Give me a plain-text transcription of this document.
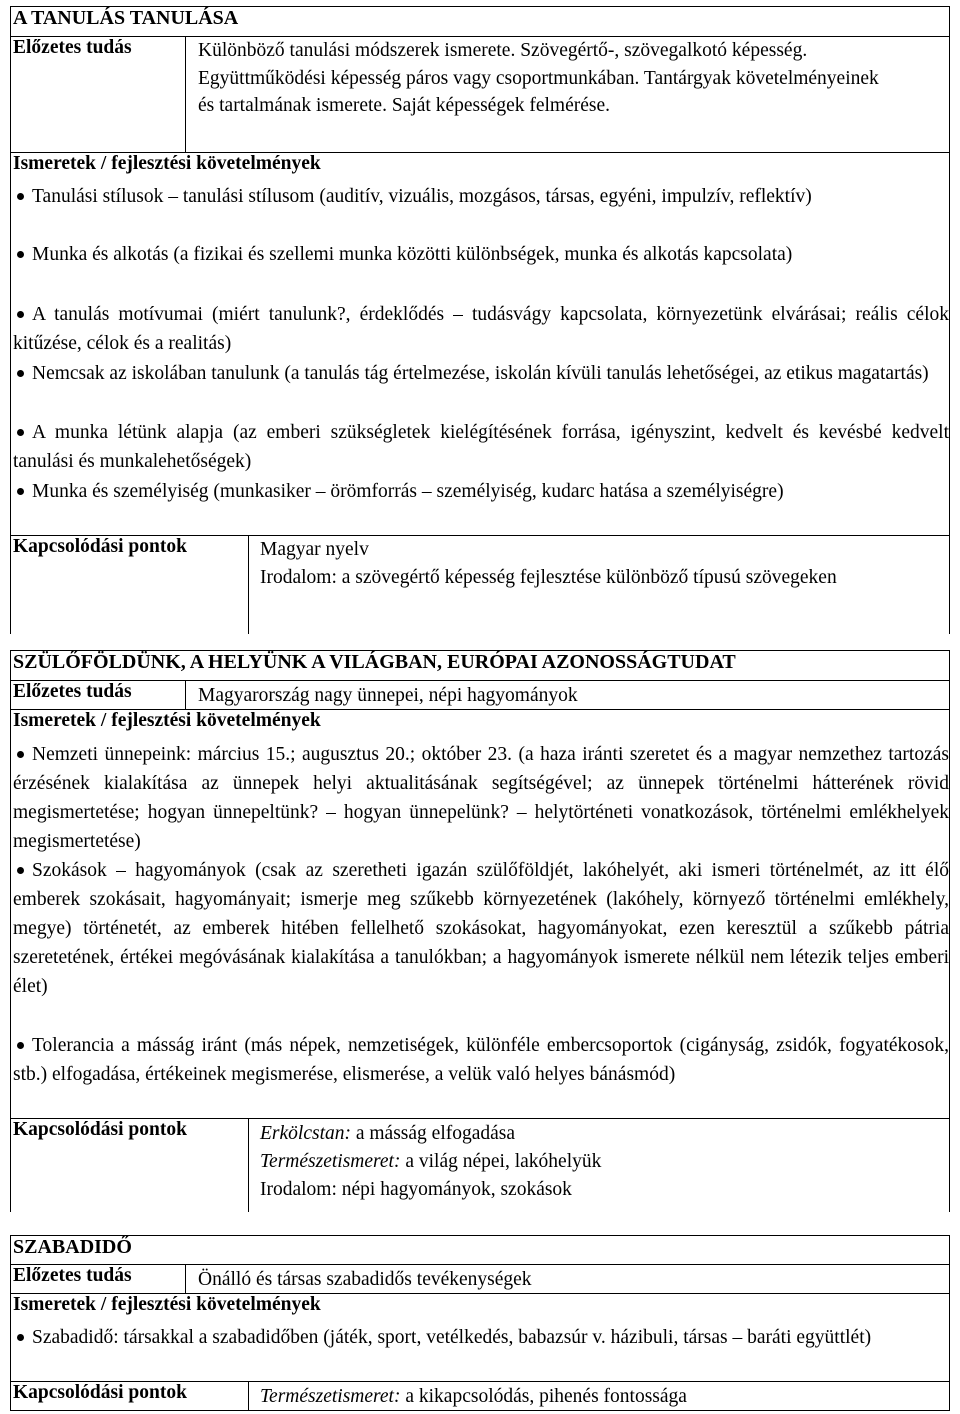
A TANULÁS TANULÁSA
Előzetes tudás	Különböző tanulási módszerek ismerete. Szövegértő-, szövegalkotó képesség. Együttműködési képesség páros vagy csoportmunkában. Tantárgyak követelményeinek és tartalmának ismerete. Saját képességek felmérése.
Ismeretek / fejlesztési követelmények
Tanulási stílusok – tanulási stílusom (auditív, vizuális, mozgásos, társas, egyéni, impulzív, reflektív)
Munka és alkotás (a fizikai és szellemi munka közötti különbségek, munka és alkotás kapcsolata)
A tanulás motívumai (miért tanulunk?, érdeklődés – tudásvágy kapcsolata, környezetünk elvárásai; reális célok kitűzése, célok és a realitás)
Nemcsak az iskolában tanulunk (a tanulás tág értelmezése, iskolán kívüli tanulás lehetőségei, az etikus magatartás)
A munka létünk alapja (az emberi szükségletek kielégítésének forrása, igényszint, kedvelt és kevésbé kedvelt tanulási és munkalehetőségek)
Munka és személyiség (munkasiker – örömforrás – személyiség, kudarc hatása a személyiségre)
Kapcsolódási pontok	Magyar nyelv
Irodalom: a szövegértő képesség fejlesztése különböző típusú szövegeken
SZÜLŐFÖLDÜNK, A HELYÜNK A VILÁGBAN, EURÓPAI AZONOSSÁGTUDAT
Előzetes tudás	Magyarország nagy ünnepei, népi hagyományok
Ismeretek / fejlesztési követelmények
Nemzeti ünnepeink: március 15.; augusztus 20.; október 23. (a haza iránti szeretet és a magyar nemzethez tartozás érzésének kialakítása az ünnepek helyi aktualitásának segítségével; az ünnepek történelmi hátterének rövid megismertetése; hogyan ünnepeltünk? – hogyan ünnepelünk? – helytörténeti vonatkozások, történelmi emlékhelyek megismertetése)
Szokások – hagyományok (csak az szeretheti igazán szülőföldjét, lakóhelyét, aki ismeri történelmét, az itt élő emberek szokásait, hagyományait; ismerje meg szűkebb környezetének (lakóhely, környező történelmi emlékhely, megye) történetét, az emberek hitében fellelhető szokásokat, hagyományokat, ezen keresztül a szűkebb pátria szeretetének, értékei megóvásának kialakítása a tanulókban; a hagyományok ismerete nélkül nem létezik teljes emberi élet)
Tolerancia a másság iránt (más népek, nemzetiségek, különféle embercsoportok (cigányság, zsidók, fogyatékosok, stb.) elfogadása, értékeinek megismerése, elismerése, a velük való helyes bánásmód)
Kapcsolódási pontok	Erkölcstan: a másság elfogadása
Természetismeret: a világ népei, lakóhelyük
Irodalom: népi hagyományok, szokások
SZABADIDŐ
Előzetes tudás	Önálló és társas szabadidős tevékenységek
Ismeretek / fejlesztési követelmények
Szabadidő: társakkal a szabadidőben (játék, sport, vetélkedés, babazsúr v. házibuli, társas – baráti együttlét)
Kapcsolódási pontok	Természetismeret: a kikapcsolódás, pihenés fontossága
